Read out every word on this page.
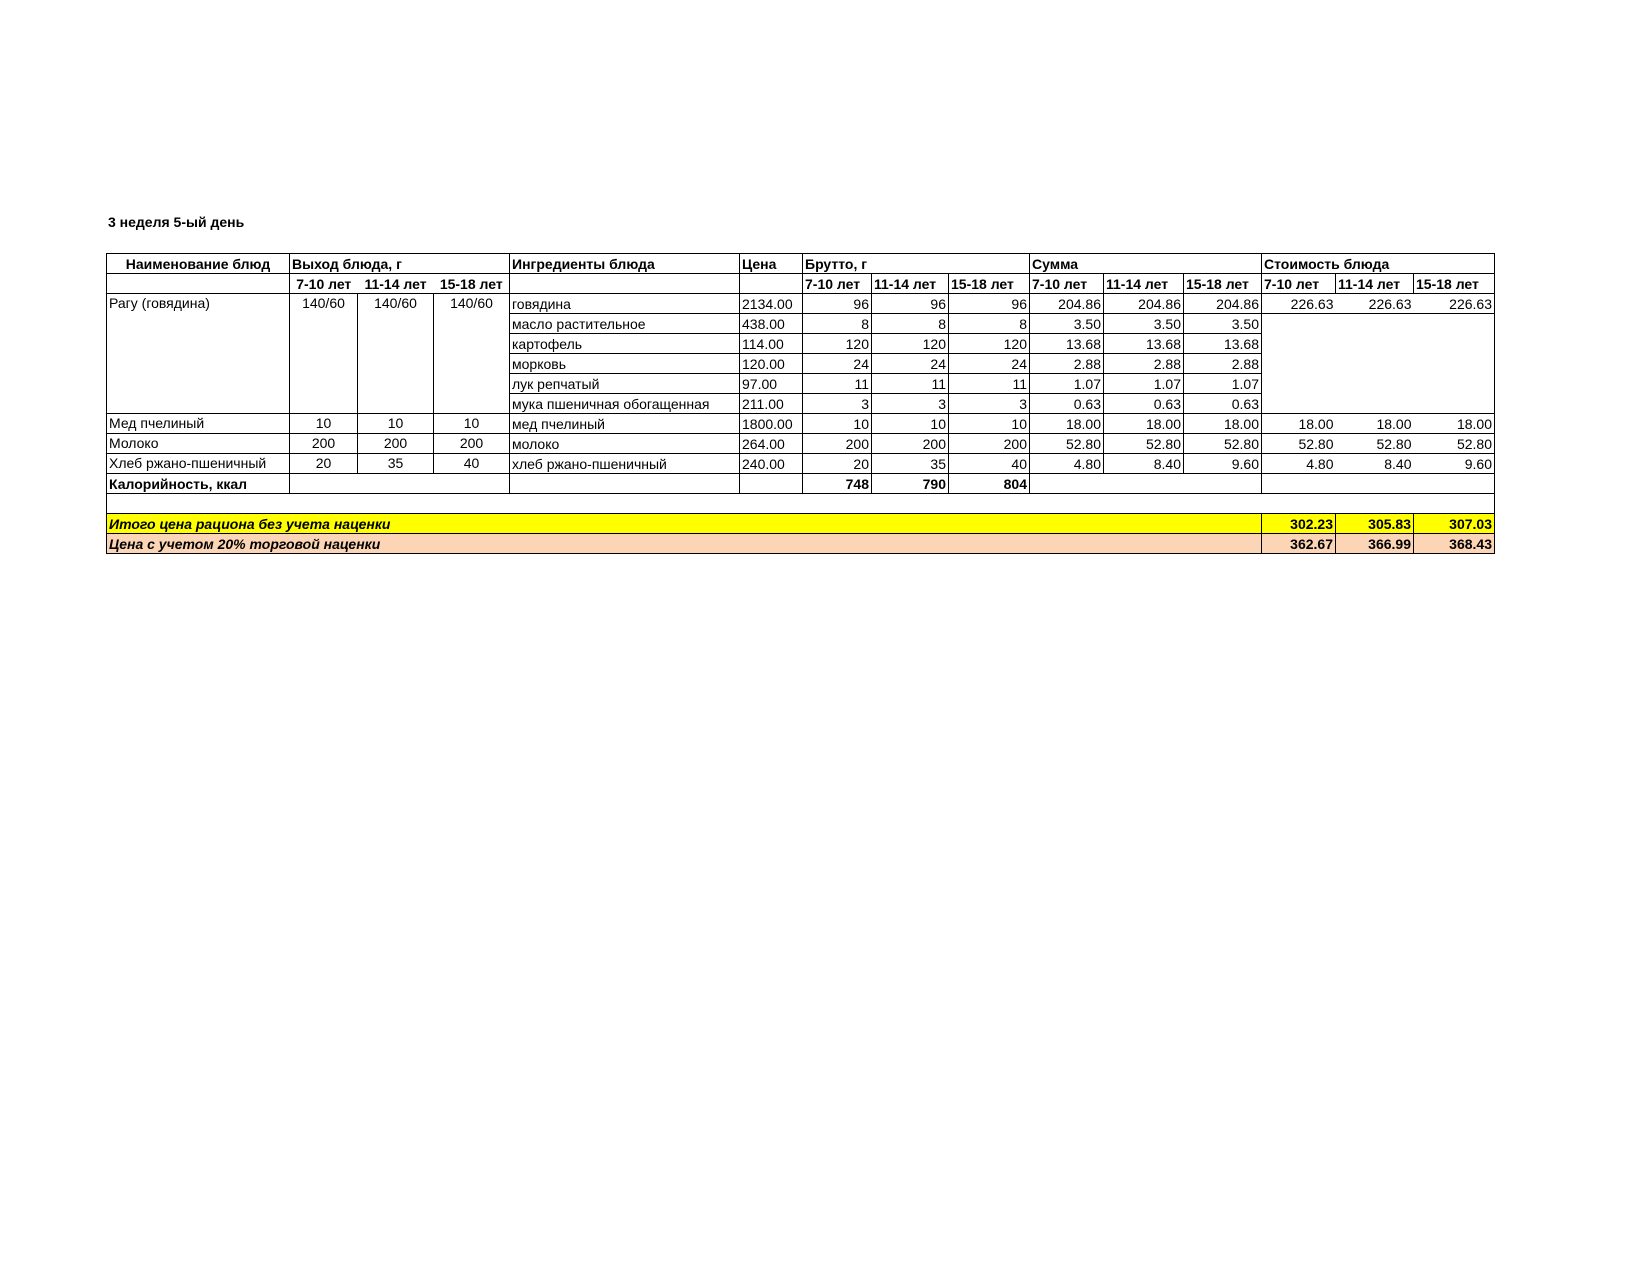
3 неделя 5-ый день
Наименование блюд	Выход блюда, г			Ингредиенты блюда	Цена	Брутто, г			Сумма			Стоимость блюда		
	7-10 лет	11-14 лет	15-18 лет			7-10 лет	11-14 лет	15-18 лет	7-10 лет	11-14 лет	15-18 лет	7-10 лет	11-14 лет	15-18 лет
Рагу (говядина)	140/60	140/60	140/60	говядина	2134.00	96	96	96	204.86	204.86	204.86	226.63	226.63	226.63
				масло растительное	438.00	8	8	8	3.50	3.50	3.50			
				картофель	114.00	120	120	120	13.68	13.68	13.68			
				морковь	120.00	24	24	24	2.88	2.88	2.88			
				лук репчатый	97.00	11	11	11	1.07	1.07	1.07			
				мука пшеничная обогащенная	211.00	3	3	3	0.63	0.63	0.63			
Мед пчелиный	10	10	10	мед пчелиный	1800.00	10	10	10	18.00	18.00	18.00	18.00	18.00	18.00
Молоко	200	200	200	молоко	264.00	200	200	200	52.80	52.80	52.80	52.80	52.80	52.80
Хлеб ржано-пшеничный	20	35	40	хлеб ржано-пшеничный	240.00	20	35	40	4.80	8.40	9.60	4.80	8.40	9.60
Калорийность, ккал						748	790	804						

Итого цена рациона без учета наценки												302.23	305.83	307.03
Цена с учетом 20% торговой наценки												362.67	366.99	368.43
